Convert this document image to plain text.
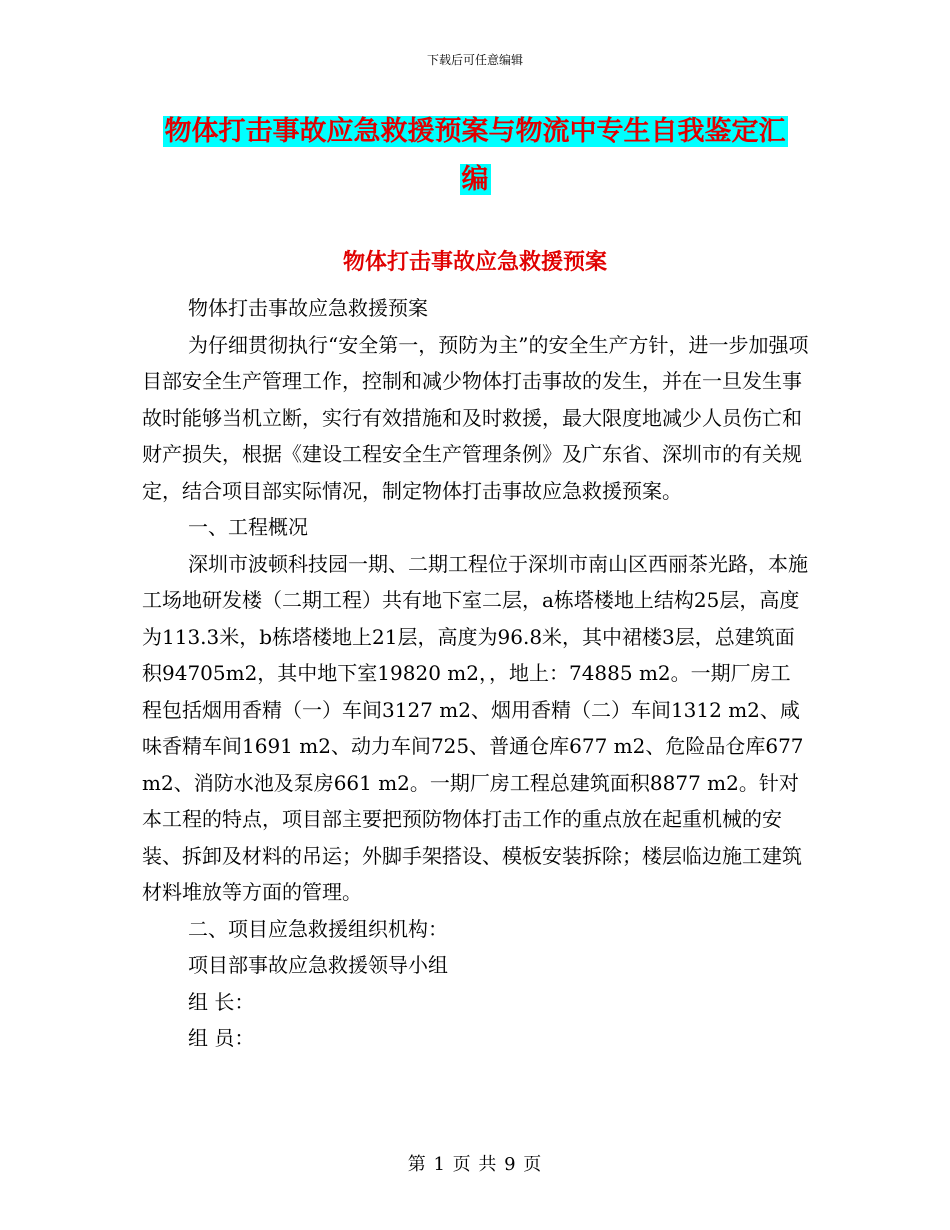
下载后可任意编辑
物体打击事故应急救援预案与物流中专生自我鉴定汇
编
物体打击事故应急救援预案

物体打击事故应急救援预案

为仔细贯彻执行“安全第一，预防为主”的安全生产方针，进一步加强项目部安全生产管理工作，控制和减少物体打击事故的发生，并在一旦发生事故时能够当机立断，实行有效措施和及时救援，最大限度地减少人员伤亡和财产损失，根据《建设工程安全生产管理条例》及广东省、深圳市的有关规定，结合项目部实际情况，制定物体打击事故应急救援预案。

一、工程概况

深圳市波顿科技园一期、二期工程位于深圳市南山区西丽茶光路，本施工场地研发楼（二期工程）共有地下室二层，a栋塔楼地上结构25层，高度为113.3米，b栋塔楼地上21层，高度为96.8米，其中裙楼3层，总建筑面积94705m2，其中地下室19820 m2，，地上：74885 m2。一期厂房工程包括烟用香精（一）车间3127 m2、烟用香精（二）车间1312 m2、咸味香精车间1691 m2、动力车间725、普通仓库677 m2、危险品仓库677 m2、消防水池及泵房661 m2。一期厂房工程总建筑面积8877 m2。针对本工程的特点，项目部主要把预防物体打击工作的重点放在起重机械的安装、拆卸及材料的吊运；外脚手架搭设、模板安装拆除；楼层临边施工建筑材料堆放等方面的管理。

二、项目应急救援组织机构：

项目部事故应急救援领导小组

组 长：

组 员：

第 1 页 共 9 页
